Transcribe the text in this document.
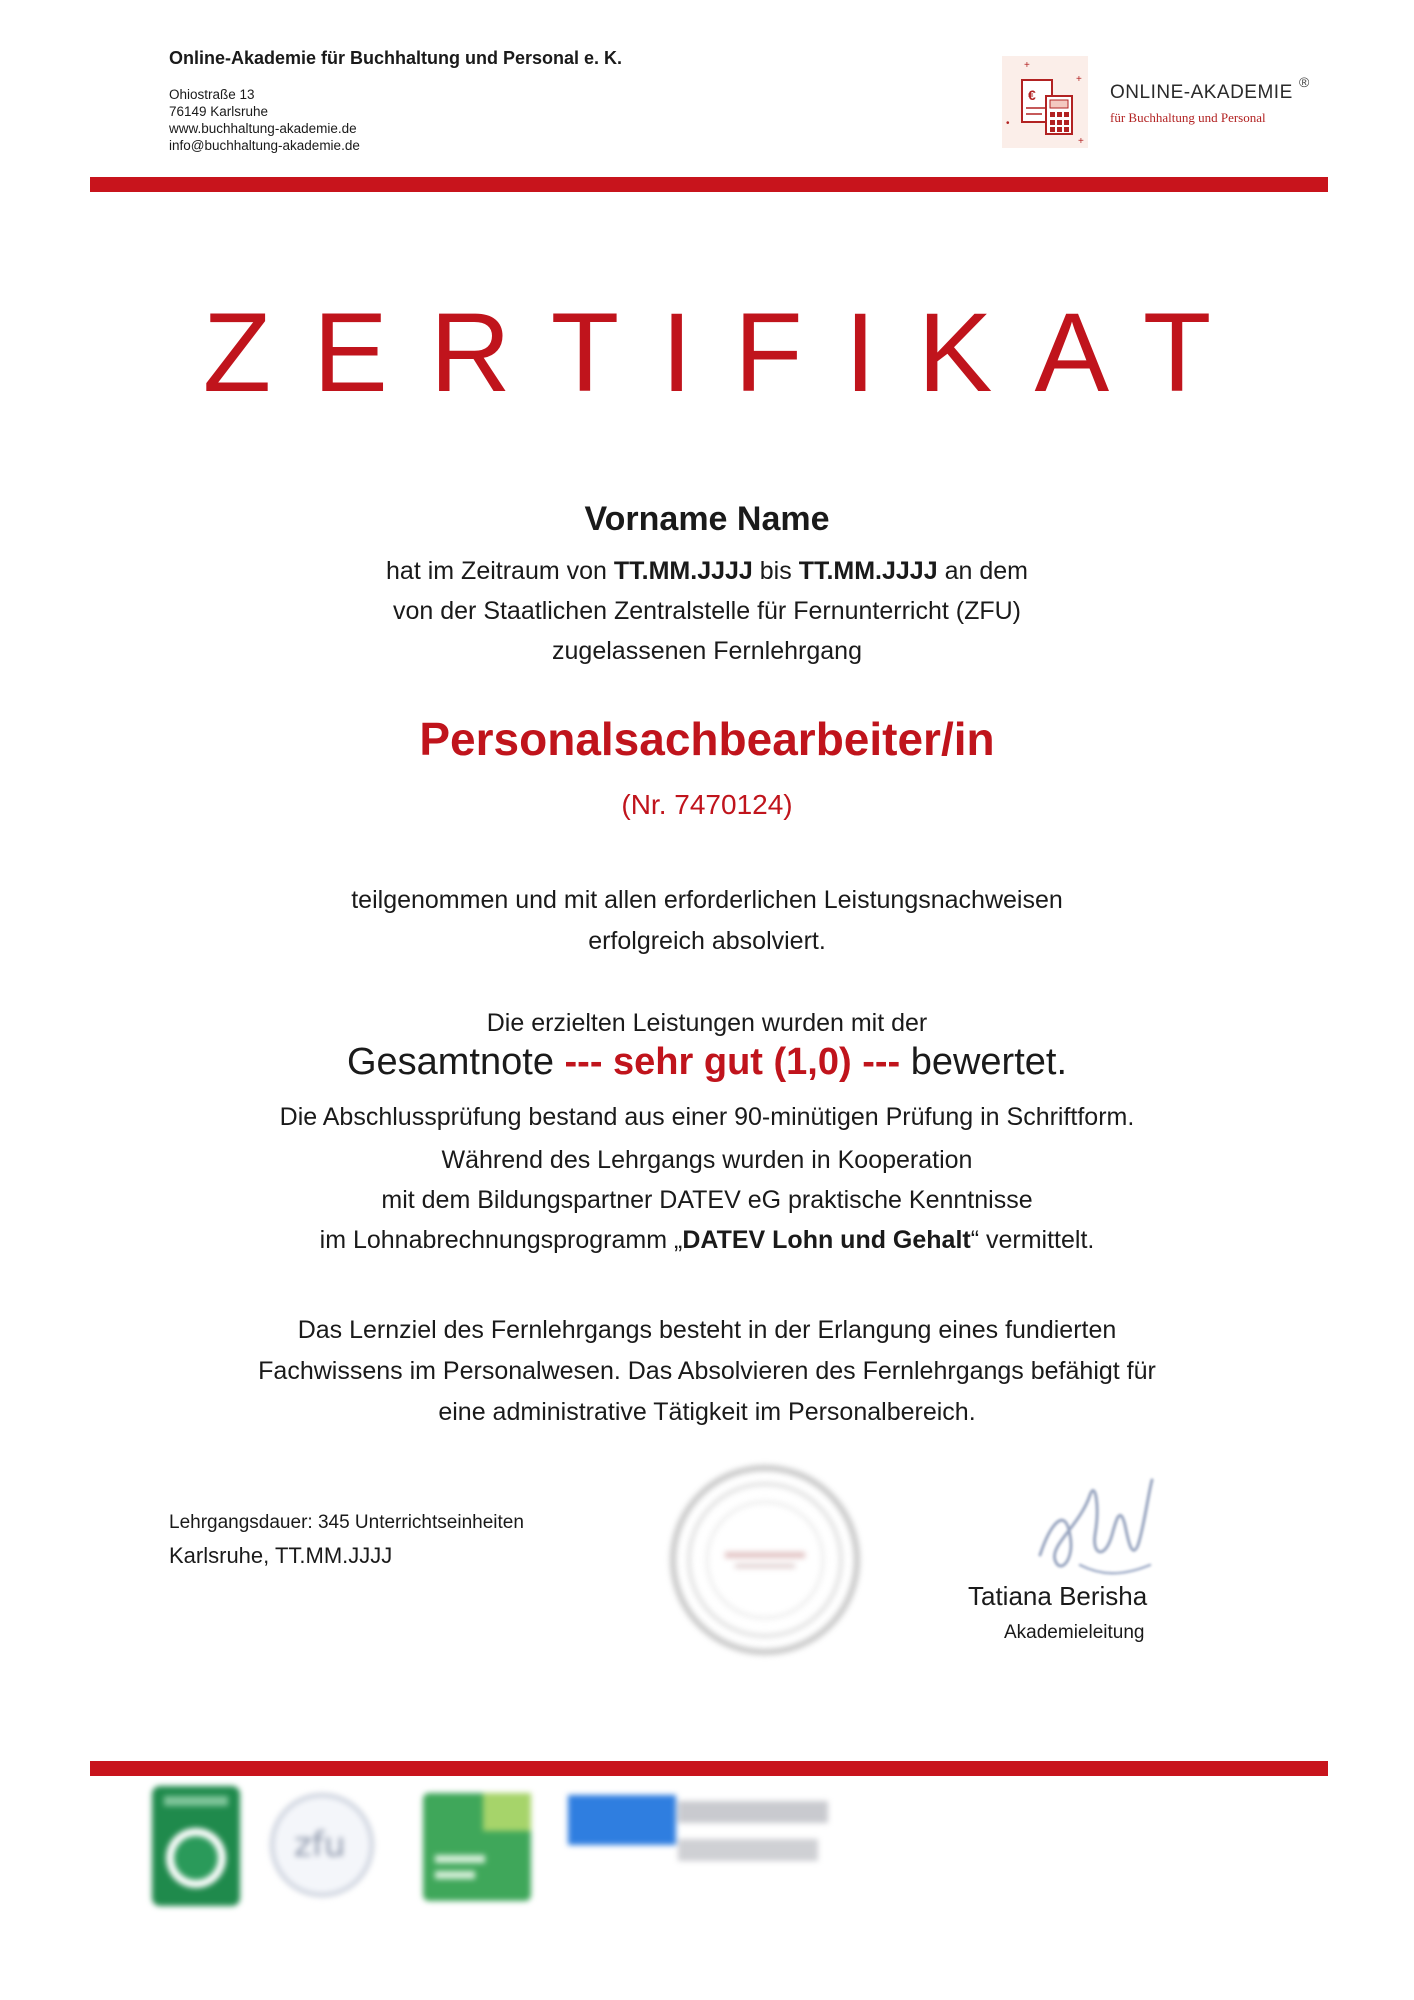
Online-Akademie für Buchhaltung und Personal e. K.
Ohiostraße 13
76149 Karlsruhe
www.buchhaltung-akademie.de
info@buchhaltung-akademie.de
+
+
•
+
€	ONLINE-AKADEMIE ®
für Buchhaltung und Personal
ZERTIFIKAT
Vorname Name
hat im Zeitraum von TT.MM.JJJJ bis TT.MM.JJJJ an dem
von der Staatlichen Zentralstelle für Fernunterricht (ZFU)
zugelassenen Fernlehrgang
Personalsachbearbeiter/in
(Nr. 7470124)
teilgenommen und mit allen erforderlichen Leistungsnachweisen
erfolgreich absolviert.
Die erzielten Leistungen wurden mit der
Gesamtnote --- sehr gut (1,0) --- bewertet.
Die Abschlussprüfung bestand aus einer 90-minütigen Prüfung in Schriftform.
Während des Lehrgangs wurden in Kooperation
mit dem Bildungspartner DATEV eG praktische Kenntnisse
im Lohnabrechnungsprogramm „DATEV Lohn und Gehalt“ vermittelt.
Das Lernziel des Fernlehrgangs besteht in der Erlangung eines fundierten
Fachwissens im Personalwesen. Das Absolvieren des Fernlehrgangs befähigt für
eine administrative Tätigkeit im Personalbereich.
Lehrgangsdauer: 345 Unterrichtseinheiten
Karlsruhe, TT.MM.JJJJ
Tatiana Berisha
Akademieleitung
zfu
